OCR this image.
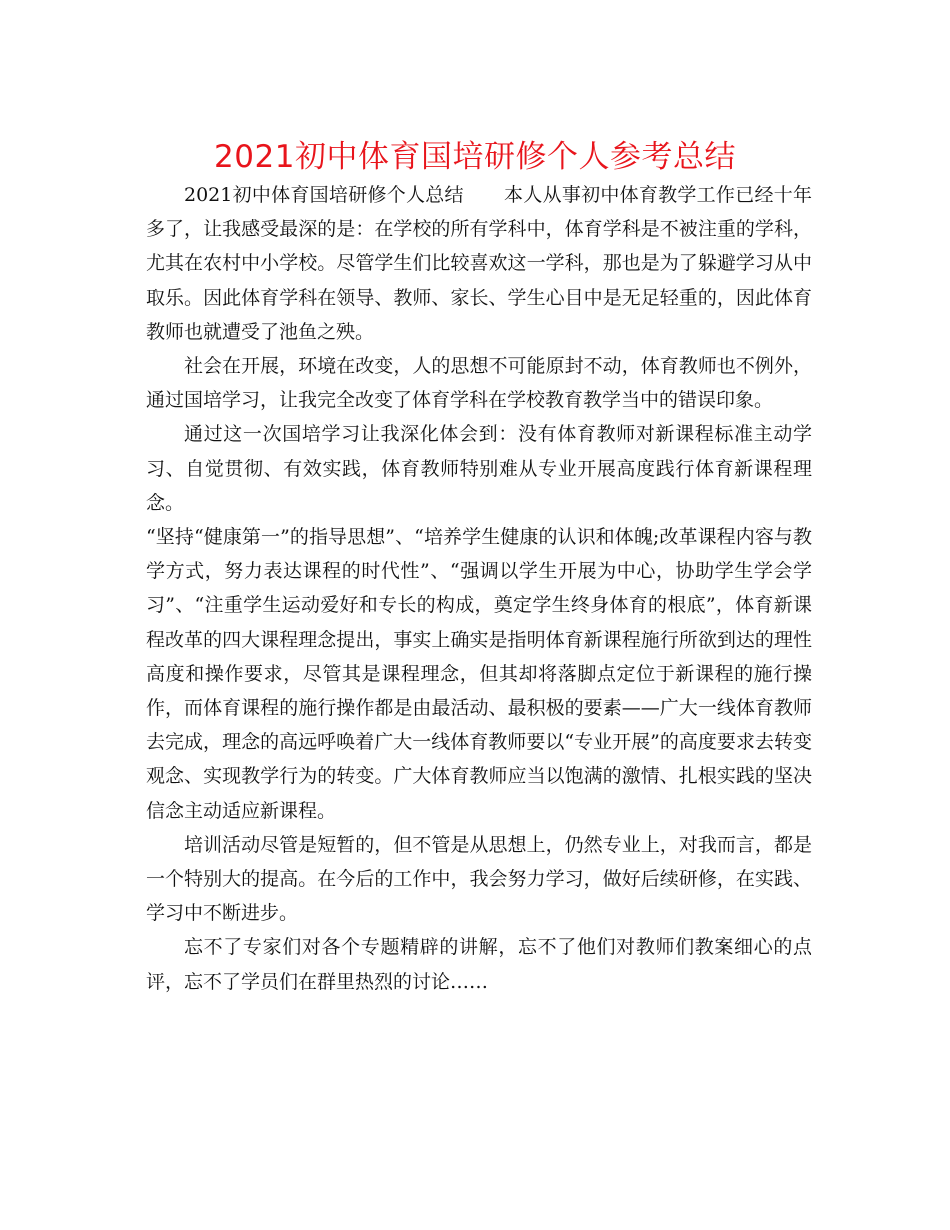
2021初中体育国培研修个人参考总结

2021初中体育国培研修个人总结 本人从事初中体育教学工作已经十年多了，让我感受最深的是：在学校的所有学科中，体育学科是不被注重的学科，尤其在农村中小学校。尽管学生们比较喜欢这一学科，那也是为了躲避学习从中取乐。因此体育学科在领导、教师、家长、学生心目中是无足轻重的，因此体育教师也就遭受了池鱼之殃。

社会在开展，环境在改变，人的思想不可能原封不动，体育教师也不例外，通过国培学习，让我完全改变了体育学科在学校教育教学当中的错误印象。

通过这一次国培学习让我深化体会到：没有体育教师对新课程标准主动学习、自觉贯彻、有效实践，体育教师特别难从专业开展高度践行体育新课程理念。

“坚持“健康第一”的指导思想”、“培养学生健康的认识和体魄;改革课程内容与教学方式，努力表达课程的时代性”、“强调以学生开展为中心，协助学生学会学习”、“注重学生运动爱好和专长的构成，奠定学生终身体育的根底”，体育新课程改革的四大课程理念提出，事实上确实是指明体育新课程施行所欲到达的理性高度和操作要求，尽管其是课程理念，但其却将落脚点定位于新课程的施行操作，而体育课程的施行操作都是由最活动、最积极的要素——广大一线体育教师去完成，理念的高远呼唤着广大一线体育教师要以“专业开展”的高度要求去转变观念、实现教学行为的转变。广大体育教师应当以饱满的激情、扎根实践的坚决信念主动适应新课程。

培训活动尽管是短暂的，但不管是从思想上，仍然专业上，对我而言，都是一个特别大的提高。在今后的工作中，我会努力学习，做好后续研修，在实践、学习中不断进步。

忘不了专家们对各个专题精辟的讲解，忘不了他们对教师们教案细心的点评，忘不了学员们在群里热烈的讨论……
